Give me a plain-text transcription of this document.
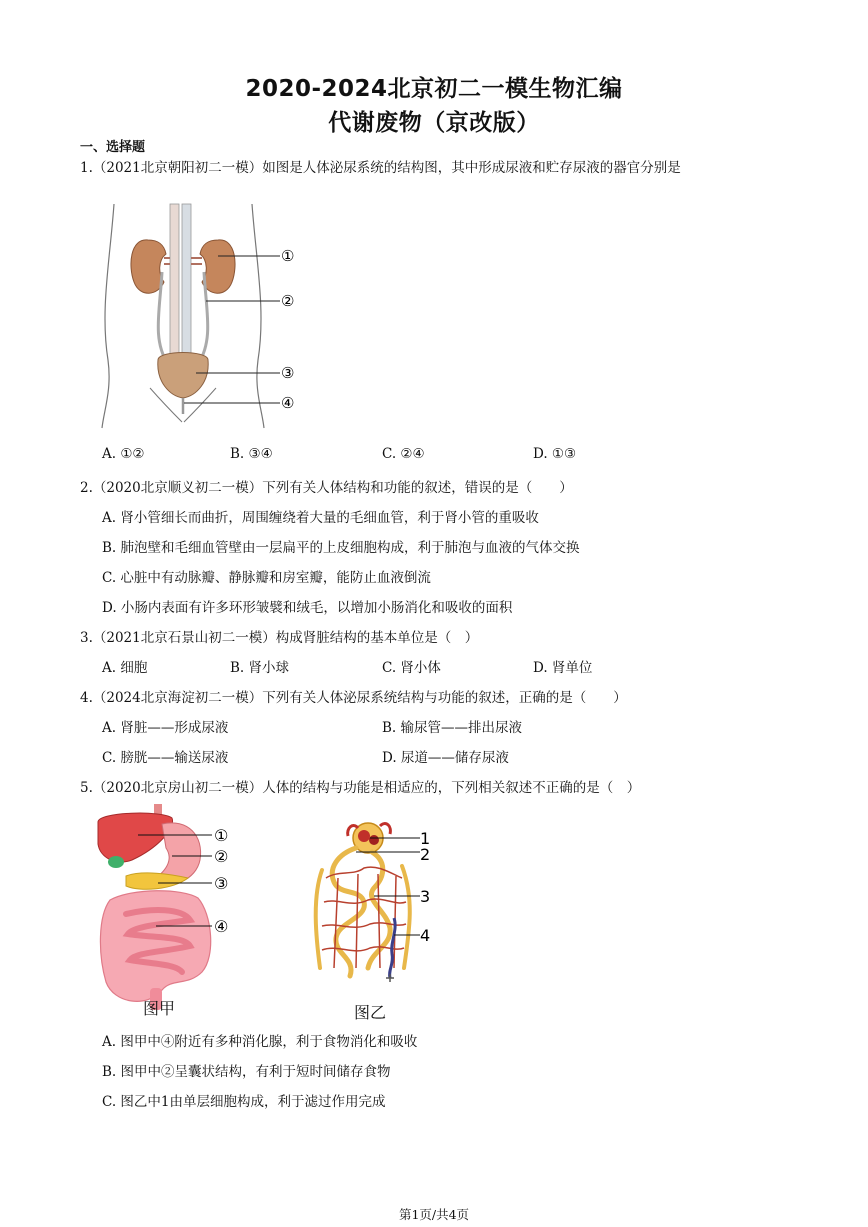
2020-2024北京初二一模生物汇编
代谢废物（京改版）
一、选择题
1.（2021北京朝阳初二一模）如图是人体泌尿系统的结构图，其中形成尿液和贮存尿液的器官分别是
①
②
③
④
A. ①②	B. ③④	C. ②④	D. ①③
2.（2020北京顺义初二一模）下列有关人体结构和功能的叙述，错误的是（　　）
A. 肾小管细长而曲折，周围缠绕着大量的毛细血管，利于肾小管的重吸收
B. 肺泡壁和毛细血管壁由一层扁平的上皮细胞构成，利于肺泡与血液的气体交换
C. 心脏中有动脉瓣、静脉瓣和房室瓣，能防止血液倒流
D. 小肠内表面有许多环形皱襞和绒毛，以增加小肠消化和吸收的面积
3.（2021北京石景山初二一模）构成肾脏结构的基本单位是（　）
A. 细胞	B. 肾小球	C. 肾小体	D. 肾单位
4.（2024北京海淀初二一模）下列有关人体泌尿系统结构与功能的叙述，正确的是（　　）
A. 肾脏——形成尿液	B. 输尿管——排出尿液
C. 膀胱——输送尿液	D. 尿道——储存尿液
5.（2020北京房山初二一模）人体的结构与功能是相适应的，下列相关叙述不正确的是（　）
①
②
③
④
图甲
1
2
3
4
图乙
A. 图甲中④附近有多种消化腺，利于食物消化和吸收
B. 图甲中②呈囊状结构，有利于短时间储存食物
C. 图乙中1由单层细胞构成，利于滤过作用完成
第1页/共4页
